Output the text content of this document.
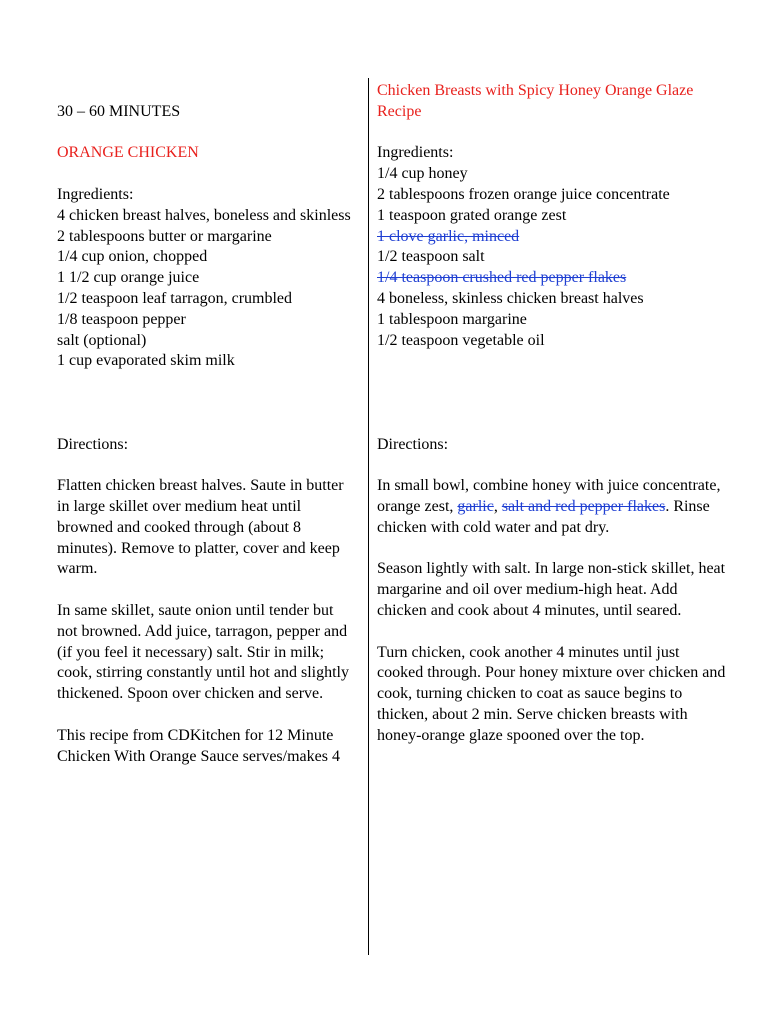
30 – 60 MINUTES
ORANGE CHICKEN
Ingredients:
4 chicken breast halves, boneless and skinless
2 tablespoons butter or margarine
1/4 cup onion, chopped
1 1/2 cup orange juice
1/2 teaspoon leaf tarragon, crumbled
1/8 teaspoon pepper
salt (optional)
1 cup evaporated skim milk
Directions:

Flatten chicken breast halves. Saute in butter in large skillet over medium heat until browned and cooked through (about 8 minutes). Remove to platter, cover and keep warm.

In same skillet, saute onion until tender but not browned. Add juice, tarragon, pepper and (if you feel it necessary) salt. Stir in milk; cook, stirring constantly until hot and slightly thickened. Spoon over chicken and serve.

This recipe from CDKitchen for 12 Minute Chicken With Orange Sauce serves/makes 4

Chicken Breasts with Spicy Honey Orange Glaze Recipe
Ingredients:
1/4 cup honey
2 tablespoons frozen orange juice concentrate
1 teaspoon grated orange zest
1 clove garlic, minced
1/2 teaspoon salt
1/4 teaspoon crushed red pepper flakes
4 boneless, skinless chicken breast halves
1 tablespoon margarine
1/2 teaspoon vegetable oil
Directions:

In small bowl, combine honey with juice concentrate, orange zest, garlic, salt and red pepper flakes. Rinse chicken with cold water and pat dry.

Season lightly with salt. In large non-stick skillet, heat margarine and oil over medium-high heat. Add chicken and cook about 4 minutes, until seared.

Turn chicken, cook another 4 minutes until just cooked through. Pour honey mixture over chicken and cook, turning chicken to coat as sauce begins to thicken, about 2 min. Serve chicken breasts with honey-orange glaze spooned over the top.
